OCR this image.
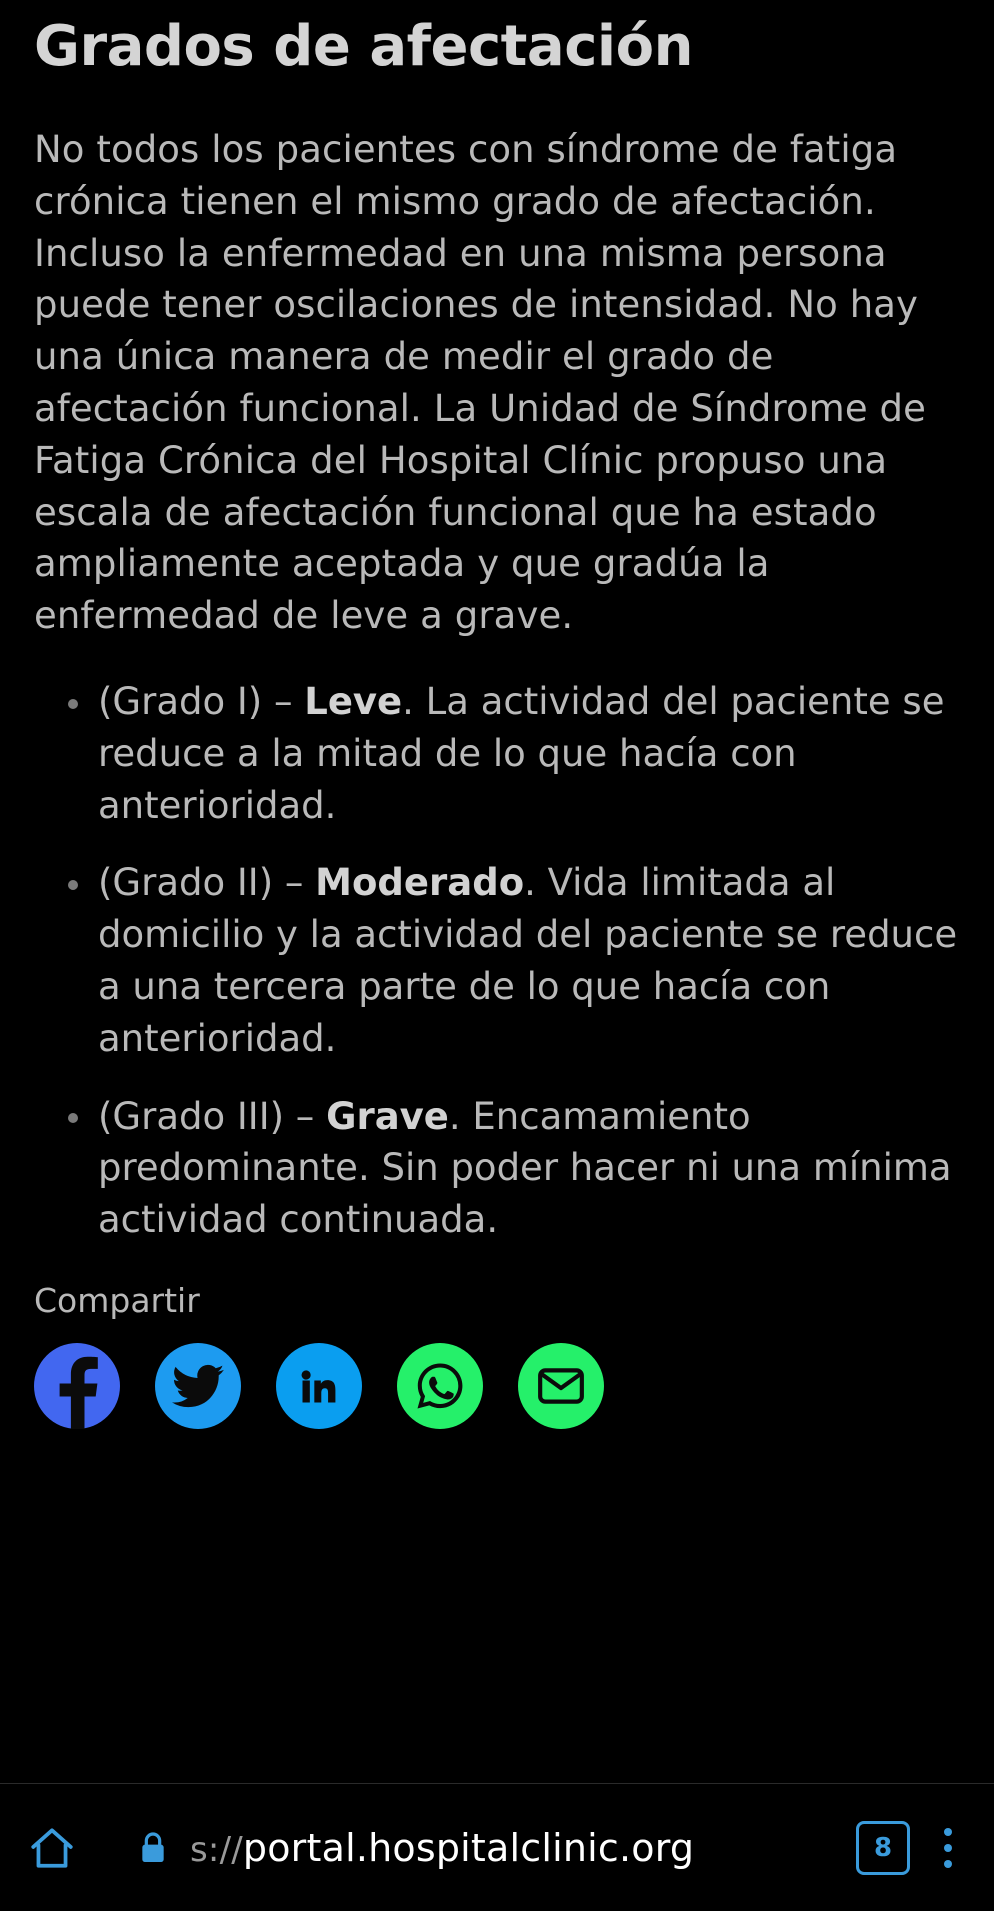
Grados de afectación

No todos los pacientes con síndrome de fatiga crónica tienen el mismo grado de afectación. Incluso la enfermedad en una misma persona puede tener oscilaciones de intensidad. No hay una única manera de medir el grado de afectación funcional. La Unidad de Síndrome de Fatiga Crónica del Hospital Clínic propuso una escala de afectación funcional que ha estado ampliamente aceptada y que gradúa la enfermedad de leve a grave.

(Grado I) – Leve. La actividad del paciente se reduce a la mitad de lo que hacía con anterioridad.
(Grado II) – Moderado. Vida limitada al domicilio y la actividad del paciente se reduce a una tercera parte de lo que hacía con anterioridad.
(Grado III) – Grave. Encamamiento predominante. Sin poder hacer ni una mínima actividad continuada.
Compartir
s://portal.hospitalclinic.org	8
